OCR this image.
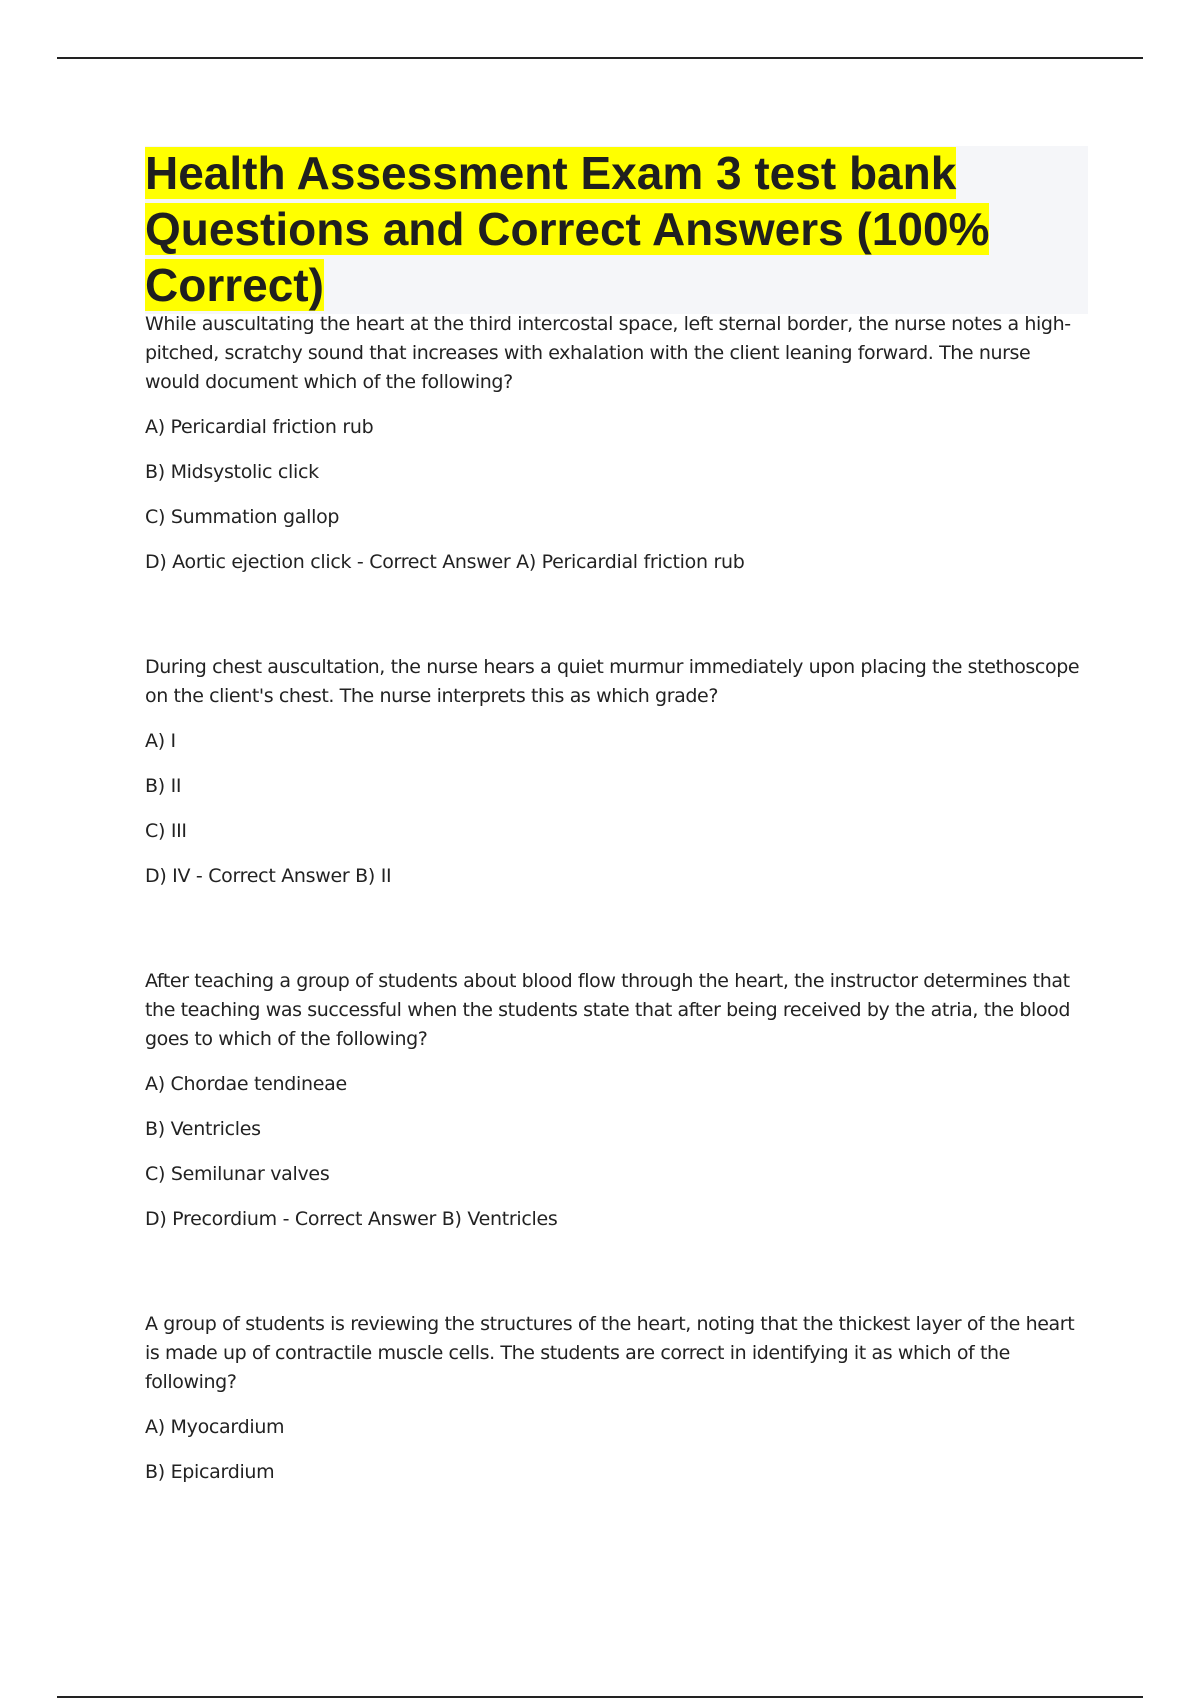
Health Assessment Exam 3 test bank Questions and Correct Answers (100% Correct)

While auscultating the heart at the third intercostal space, left sternal border, the nurse notes a high-pitched, scratchy sound that increases with exhalation with the client leaning forward. The nurse would document which of the following?

A) Pericardial friction rub

B) Midsystolic click

C) Summation gallop

D) Aortic ejection click - Correct Answer A) Pericardial friction rub

During chest auscultation, the nurse hears a quiet murmur immediately upon placing the stethoscope on the client's chest. The nurse interprets this as which grade?

A) I

B) II

C) III

D) IV - Correct Answer B) II

After teaching a group of students about blood flow through the heart, the instructor determines that the teaching was successful when the students state that after being received by the atria, the blood goes to which of the following?

A) Chordae tendineae

B) Ventricles

C) Semilunar valves

D) Precordium - Correct Answer B) Ventricles

A group of students is reviewing the structures of the heart, noting that the thickest layer of the heart is made up of contractile muscle cells. The students are correct in identifying it as which of the following?

A) Myocardium

B) Epicardium
